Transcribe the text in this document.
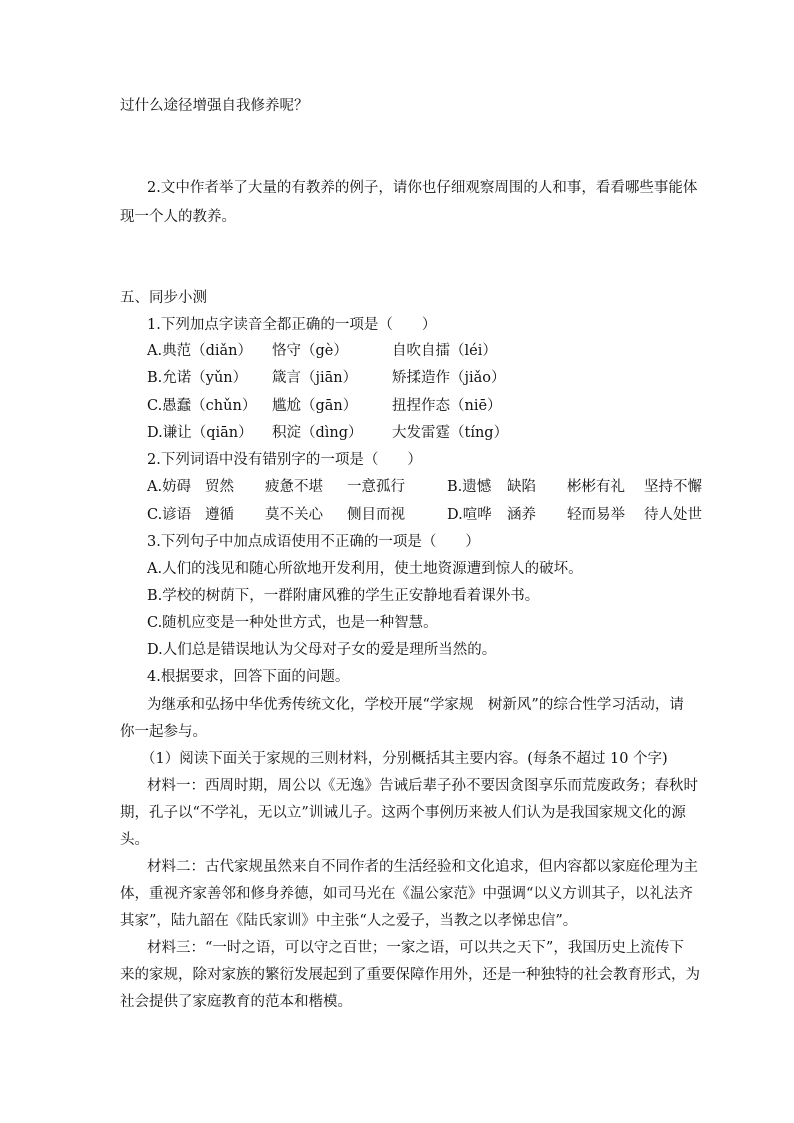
过什么途径增强自我修养呢？
2.文中作者举了大量的有教养的例子，请你也仔细观察周围的人和事，看看哪些事能体
现一个人的教养。
五、同步小测
1.下列加点字读音全都正确的一项是（　　）
A.典范（diǎn） 恪守（gè）	自吹自擂（léi）
B.允诺（yǔn） 箴言（jiān） 矫揉造作（jiǎo）
C.愚蠢（chǔn） 尴尬（gān） 扭捏作态（niē）
D.谦让（qiān） 积淀（dìng） 大发雷霆（tíng）
2.下列词语中没有错别字的一项是（　　）
A.妨碍 贸然 疲惫不堪 一意孤行	B.遗憾 缺陷 彬彬有礼 坚持不懈
C.谚语 遵循 莫不关心 侧目而视	D.喧哗 涵养 轻而易举 待人处世
3.下列句子中加点成语使用不正确的一项是（　　）
A.人们的浅见和随心所欲地开发利用，使土地资源遭到惊人的破坏。
B.学校的树荫下，一群附庸风雅的学生正安静地看着课外书。
C.随机应变是一种处世方式，也是一种智慧。
D.人们总是错误地认为父母对子女的爱是理所当然的。
4.根据要求，回答下面的问题。
为继承和弘扬中华优秀传统文化，学校开展“学家规　树新风”的综合性学习活动，请
你一起参与。
（1）阅读下面关于家规的三则材料，分别概括其主要内容。(每条不超过 10 个字)
材料一：西周时期，周公以《无逸》告诫后辈子孙不要因贪图享乐而荒废政务；春秋时
期，孔子以“不学礼，无以立”训诫儿子。这两个事例历来被人们认为是我国家规文化的源
头。
材料二：古代家规虽然来自不同作者的生活经验和文化追求，但内容都以家庭伦理为主
体，重视齐家善邻和修身养德，如司马光在《温公家范》中强调“以义方训其子，以礼法齐
其家”，陆九韶在《陆氏家训》中主张“人之爱子，当教之以孝悌忠信”。
材料三：“一时之语，可以守之百世；一家之语，可以共之天下”，我国历史上流传下
来的家规，除对家族的繁衍发展起到了重要保障作用外，还是一种独特的社会教育形式，为
社会提供了家庭教育的范本和楷模。
